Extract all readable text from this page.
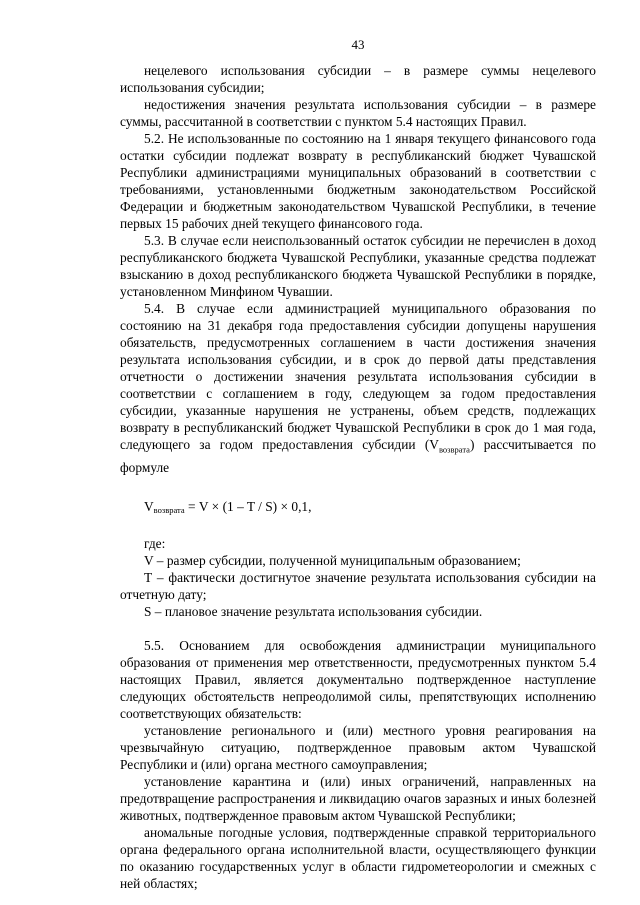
43

нецелевого использования субсидии – в размере суммы нецелевого использования субсидии;

недостижения значения результата использования субсидии – в размере суммы, рассчитанной в соответствии с пунктом 5.4 настоящих Правил.

5.2. Не использованные по состоянию на 1 января текущего финансового года остатки субсидии подлежат возврату в республиканский бюджет Чувашской Республики администрациями муниципальных образований в соответствии с требованиями, установленными бюджетным законодательством Российской Федерации и бюджетным законодательством Чувашской Республики, в течение первых 15 рабочих дней текущего финансового года.

5.3. В случае если неиспользованный остаток субсидии не перечислен в доход республиканского бюджета Чувашской Республики, указанные средства подлежат взысканию в доход республиканского бюджета Чувашской Республики в порядке, установленном Минфином Чувашии.

5.4. В случае если администрацией муниципального образования по состоянию на 31 декабря года предоставления субсидии допущены нарушения обязательств, предусмотренных соглашением в части достижения значения результата использования субсидии, и в срок до первой даты представления отчетности о достижении значения результата использования субсидии в соответствии с соглашением в году, следующем за годом предоставления субсидии, указанные нарушения не устранены, объем средств, подлежащих возврату в республиканский бюджет Чувашской Республики в срок до 1 мая года, следующего за годом предоставления субсидии $(V_{возврата})$ рассчитывается по формуле

$V_{возврата} = V \times (1 - T / S) \times 0,1$,

где:

V – размер субсидии, полученной муниципальным образованием;

T – фактически достигнутое значение результата использования субсидии на отчетную дату;

S – плановое значение результата использования субсидии.

5.5. Основанием для освобождения администрации муниципального образования от применения мер ответственности, предусмотренных пунктом 5.4 настоящих Правил, является документально подтвержденное наступление следующих обстоятельств непреодолимой силы, препятствующих исполнению соответствующих обязательств:

установление регионального и (или) местного уровня реагирования на чрезвычайную ситуацию, подтвержденное правовым актом Чувашской Республики и (или) органа местного самоуправления;

установление карантина и (или) иных ограничений, направленных на предотвращение распространения и ликвидацию очагов заразных и иных болезней животных, подтвержденное правовым актом Чувашской Республики;

аномальные погодные условия, подтвержденные справкой территориального органа федерального органа исполнительной власти, осуществляющего функции по оказанию государственных услуг в области гидрометеорологии и смежных с ней областях;
